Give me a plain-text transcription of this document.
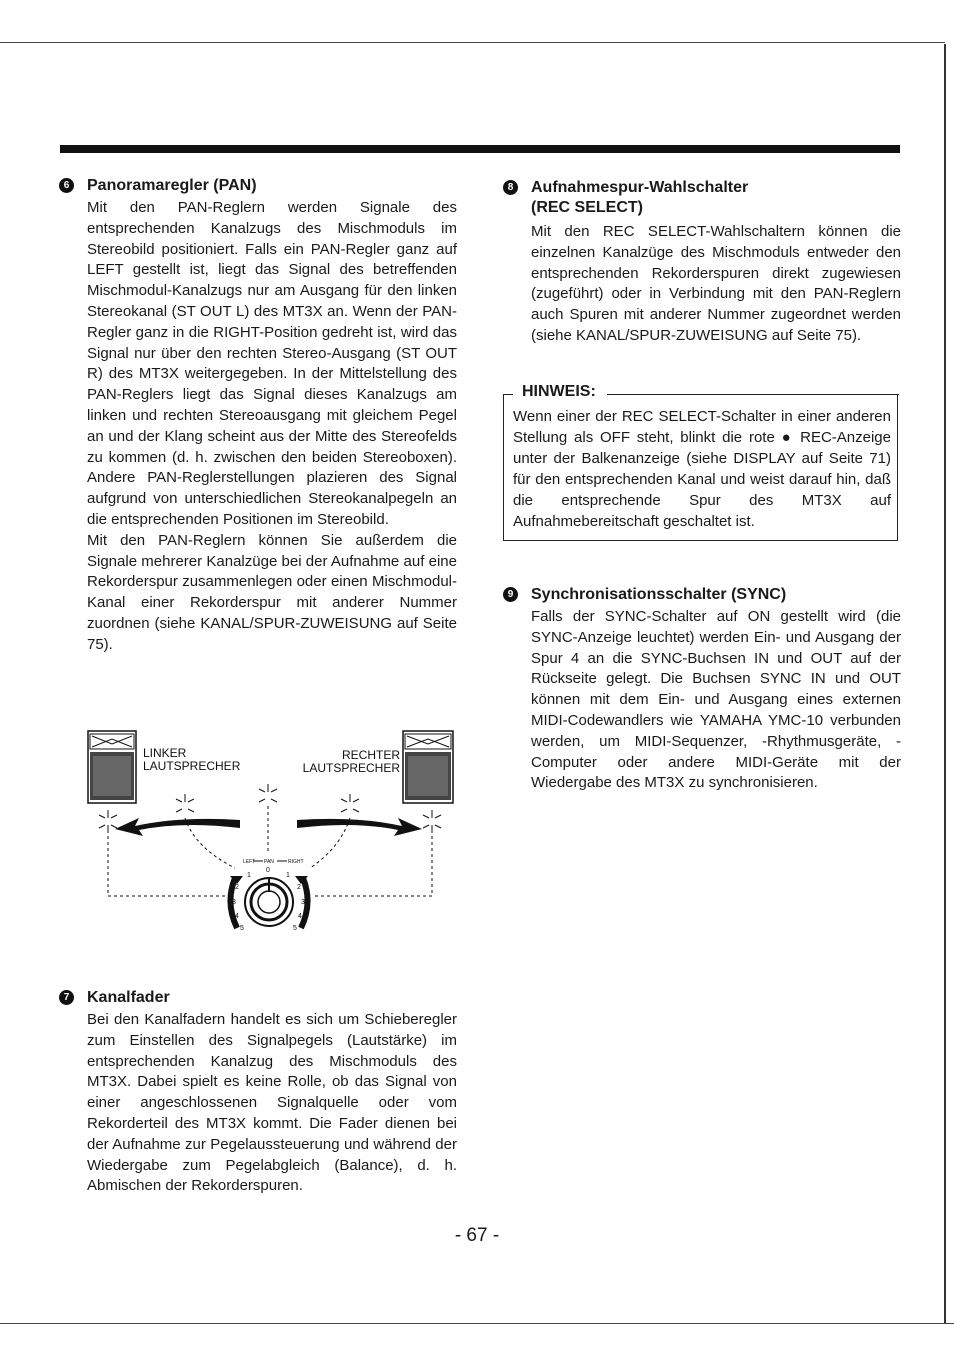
6 Panoramaregler (PAN)

Mit den PAN-Reglern werden Signale des entsprechenden Kanalzugs des Mischmoduls im Stereobild positioniert. Falls ein PAN-Regler ganz auf LEFT gestellt ist, liegt das Signal des betreffenden Mischmodul-Kanalzugs nur am Ausgang für den linken Stereokanal (ST OUT L) des MT3X an. Wenn der PAN-Regler ganz in die RIGHT-Position gedreht ist, wird das Signal nur über den rechten Stereo-Ausgang (ST OUT R) des MT3X weitergegeben. In der Mittelstellung des PAN-Reglers liegt das Signal dieses Kanalzugs am linken und rechten Stereoausgang mit gleichem Pegel an und der Klang scheint aus der Mitte des Stereofelds zu kommen (d. h. zwischen den beiden Stereoboxen). Andere PAN-Reglerstellungen plazieren des Signal aufgrund von unterschiedlichen Stereokanalpegeln an die entsprechenden Positionen im Stereobild.

Mit den PAN-Reglern können Sie außerdem die Signale mehrerer Kanalzüge bei der Aufnahme auf eine Rekorderspur zusammenlegen oder einen Mischmodul-Kanal einer Rekorderspur mit anderer Nummer zuordnen (siehe KANAL/SPUR-ZUWEISUNG auf Seite 75).

LINKER
LAUTSPRECHER
RECHTER
LAUTSPRECHER
LEFT PAN	RIGHT
0
1	1
2	2
3	3
4	4
5	5
7 Kanalfader

Bei den Kanalfadern handelt es sich um Schieberegler zum Einstellen des Signalpegels (Lautstärke) im entsprechenden Kanalzug des Mischmoduls des MT3X. Dabei spielt es keine Rolle, ob das Signal von einer angeschlossenen Signalquelle oder vom Rekorderteil des MT3X kommt. Die Fader dienen bei der Aufnahme zur Pegelaussteuerung und während der Wiedergabe zum Pegelabgleich (Balance), d. h. Abmischen der Rekorderspuren.

8 Aufnahmespur-Wahlschalter
(REC SELECT)

Mit den REC SELECT-Wahlschaltern können die einzelnen Kanalzüge des Mischmoduls entweder den entsprechenden Rekorderspuren direkt zugewiesen (zugeführt) oder in Verbindung mit den PAN-Reglern auch Spuren mit anderer Nummer zugeordnet werden (siehe KANAL/SPUR-ZUWEISUNG auf Seite 75).

HINWEIS:
Wenn einer der REC SELECT-Schalter in einer anderen Stellung als OFF steht, blinkt die rote ● REC-Anzeige unter der Balkenanzeige (siehe DISPLAY auf Seite 71) für den entsprechenden Kanal und weist darauf hin, daß die entsprechende Spur des MT3X auf Aufnahmebereitschaft geschaltet ist.
9 Synchronisationsschalter (SYNC)

Falls der SYNC-Schalter auf ON gestellt wird (die SYNC-Anzeige leuchtet) werden Ein- und Ausgang der Spur 4 an die SYNC-Buchsen IN und OUT auf der Rückseite gelegt. Die Buchsen SYNC IN und OUT können mit dem Ein- und Ausgang eines externen MIDI-Codewandlers wie YAMAHA YMC-10 verbunden werden, um MIDI-Sequenzer, -Rhythmusgeräte, -Computer oder andere MIDI-Geräte mit der Wiedergabe des MT3X zu synchronisieren.

- 67 -
